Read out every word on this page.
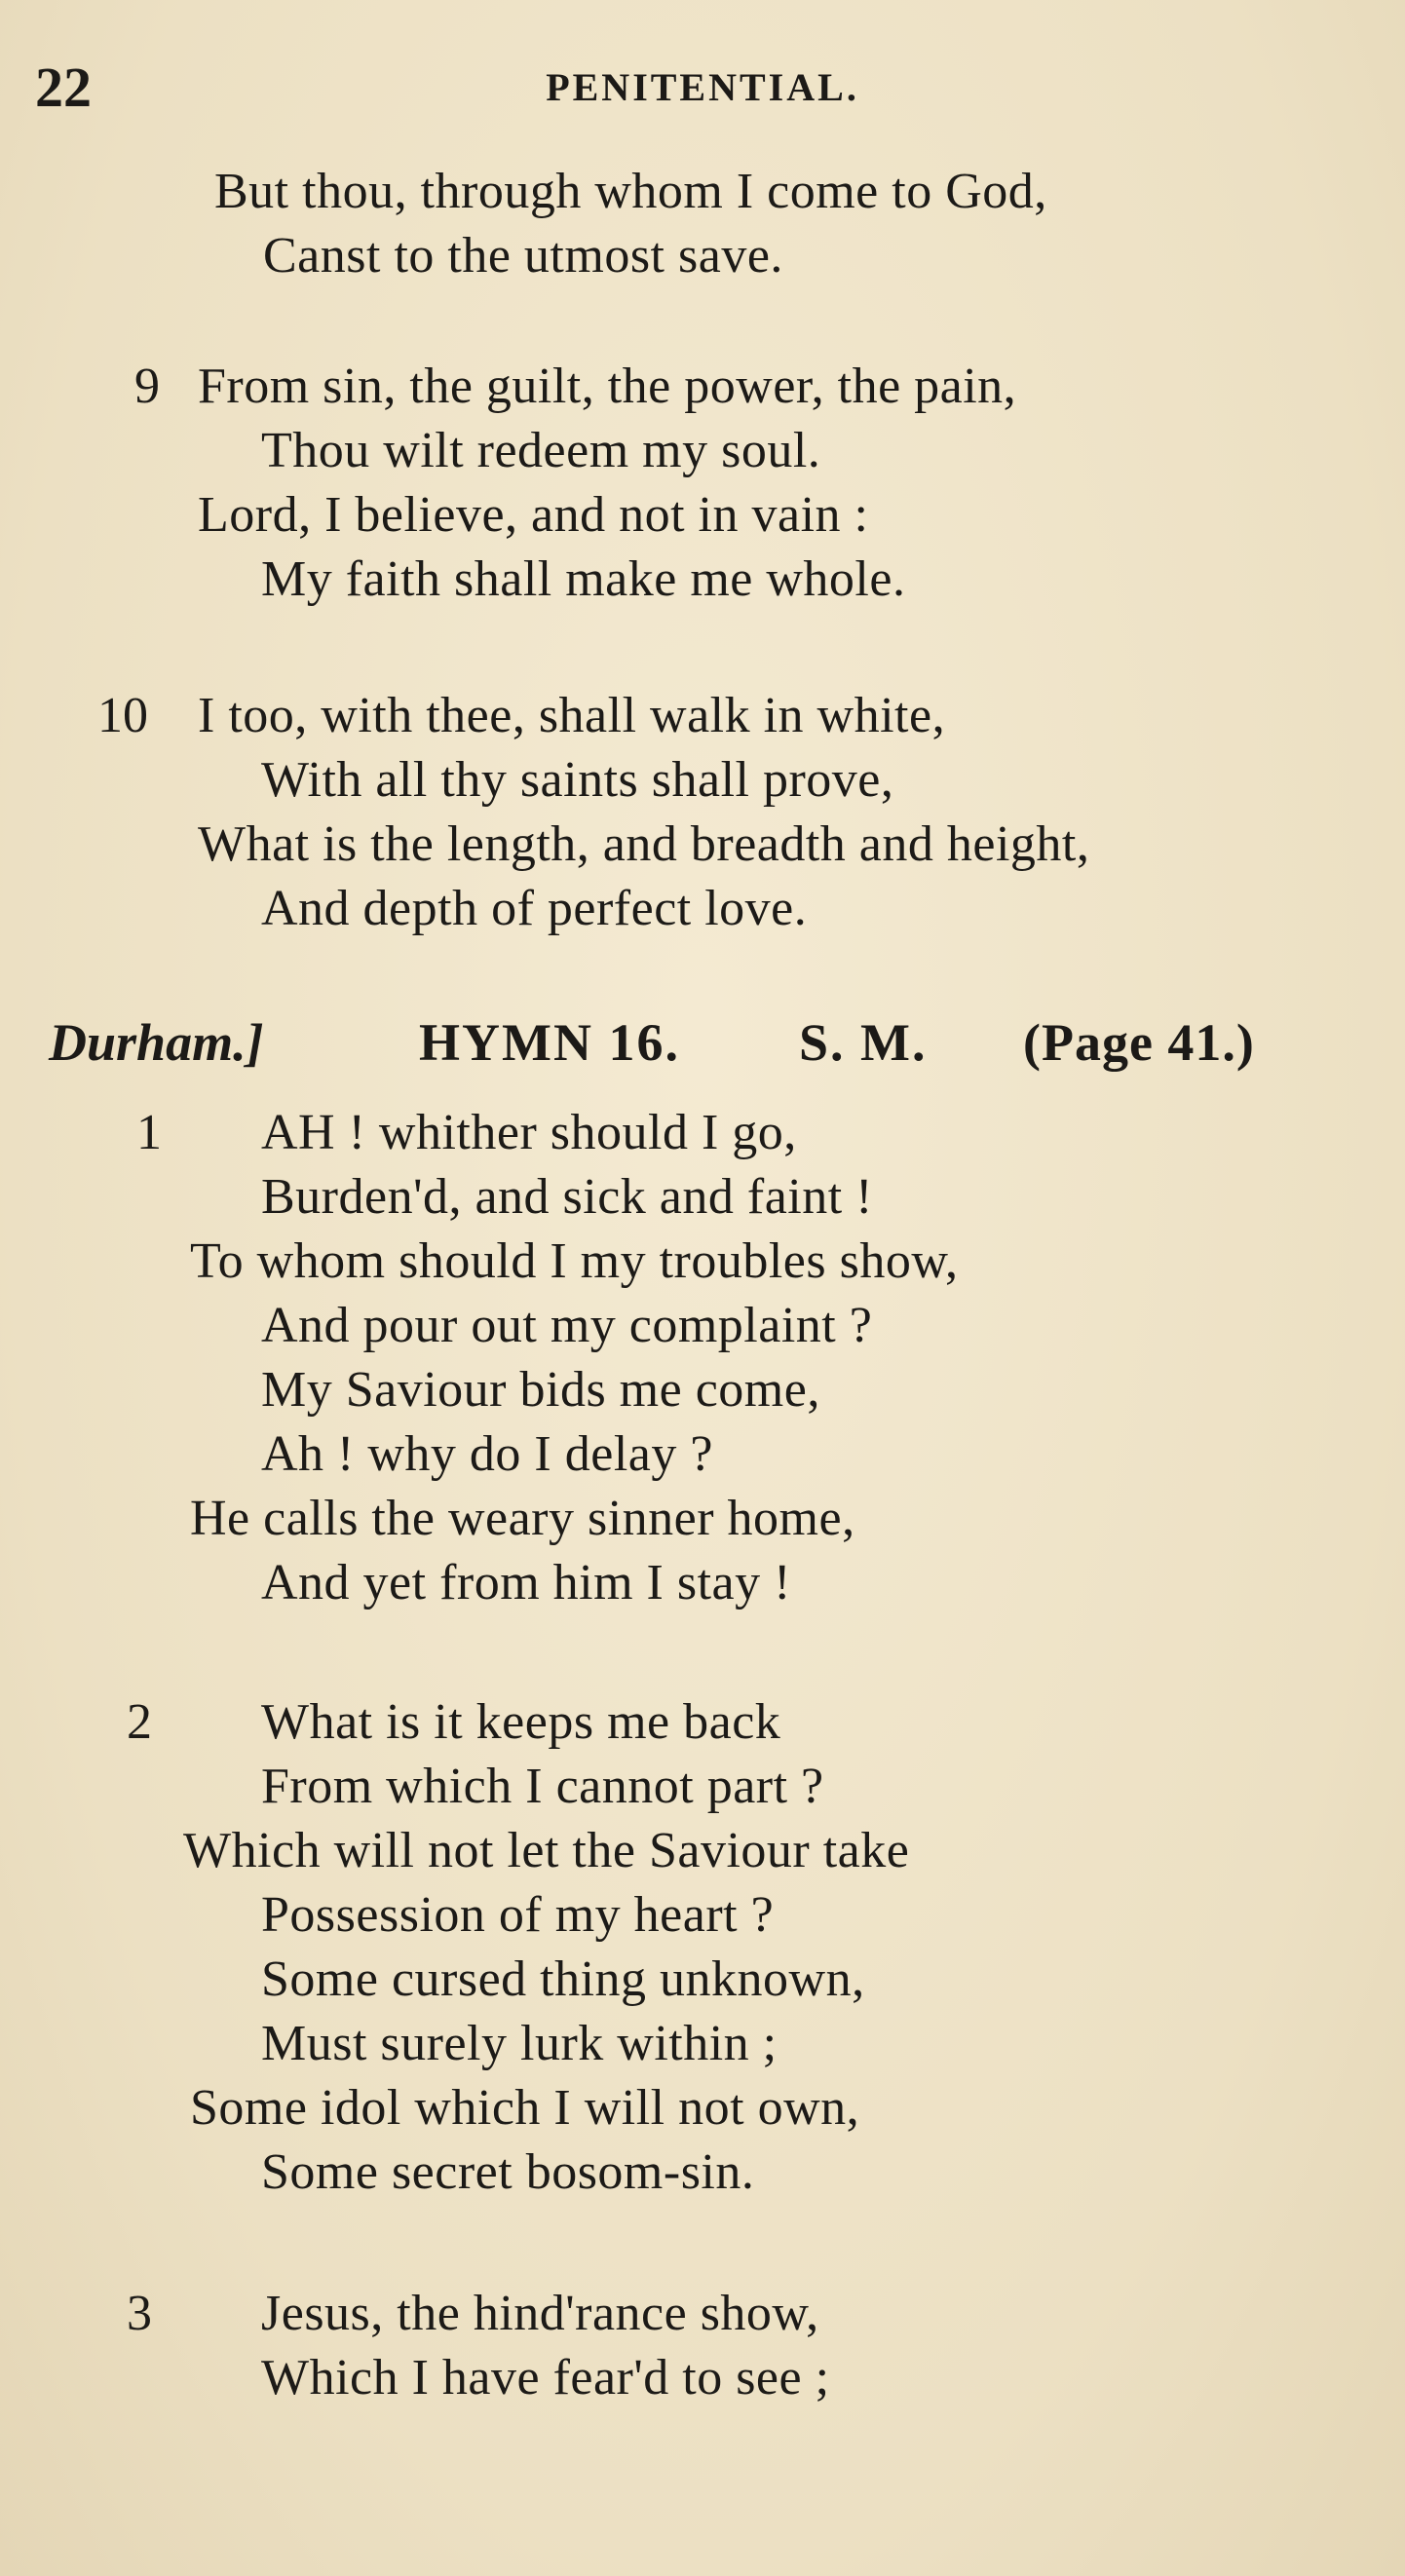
22	PENITENTIAL.
But thou, through whom I come to God,
Canst to the utmost save.
9 From sin, the guilt, the power, the pain,
Thou wilt redeem my soul.
Lord, I believe, and not in vain :
My faith shall make me whole.
10 I too, with thee, shall walk in white,
With all thy saints shall prove,
What is the length, and breadth and height,
And depth of perfect love.
Durham.]	HYMN 16. S. M. (Page 41.)
1 AH ! whither should I go,
Burden'd, and sick and faint !
To whom should I my troubles show,
And pour out my complaint ?
My Saviour bids me come,
Ah ! why do I delay ?
He calls the weary sinner home,
And yet from him I stay !
2 What is it keeps me back
From which I cannot part ?
Which will not let the Saviour take
Possession of my heart ?
Some cursed thing unknown,
Must surely lurk within ;
Some idol which I will not own,
Some secret bosom-sin.
3 Jesus, the hind'rance show,
Which I have fear'd to see ;
